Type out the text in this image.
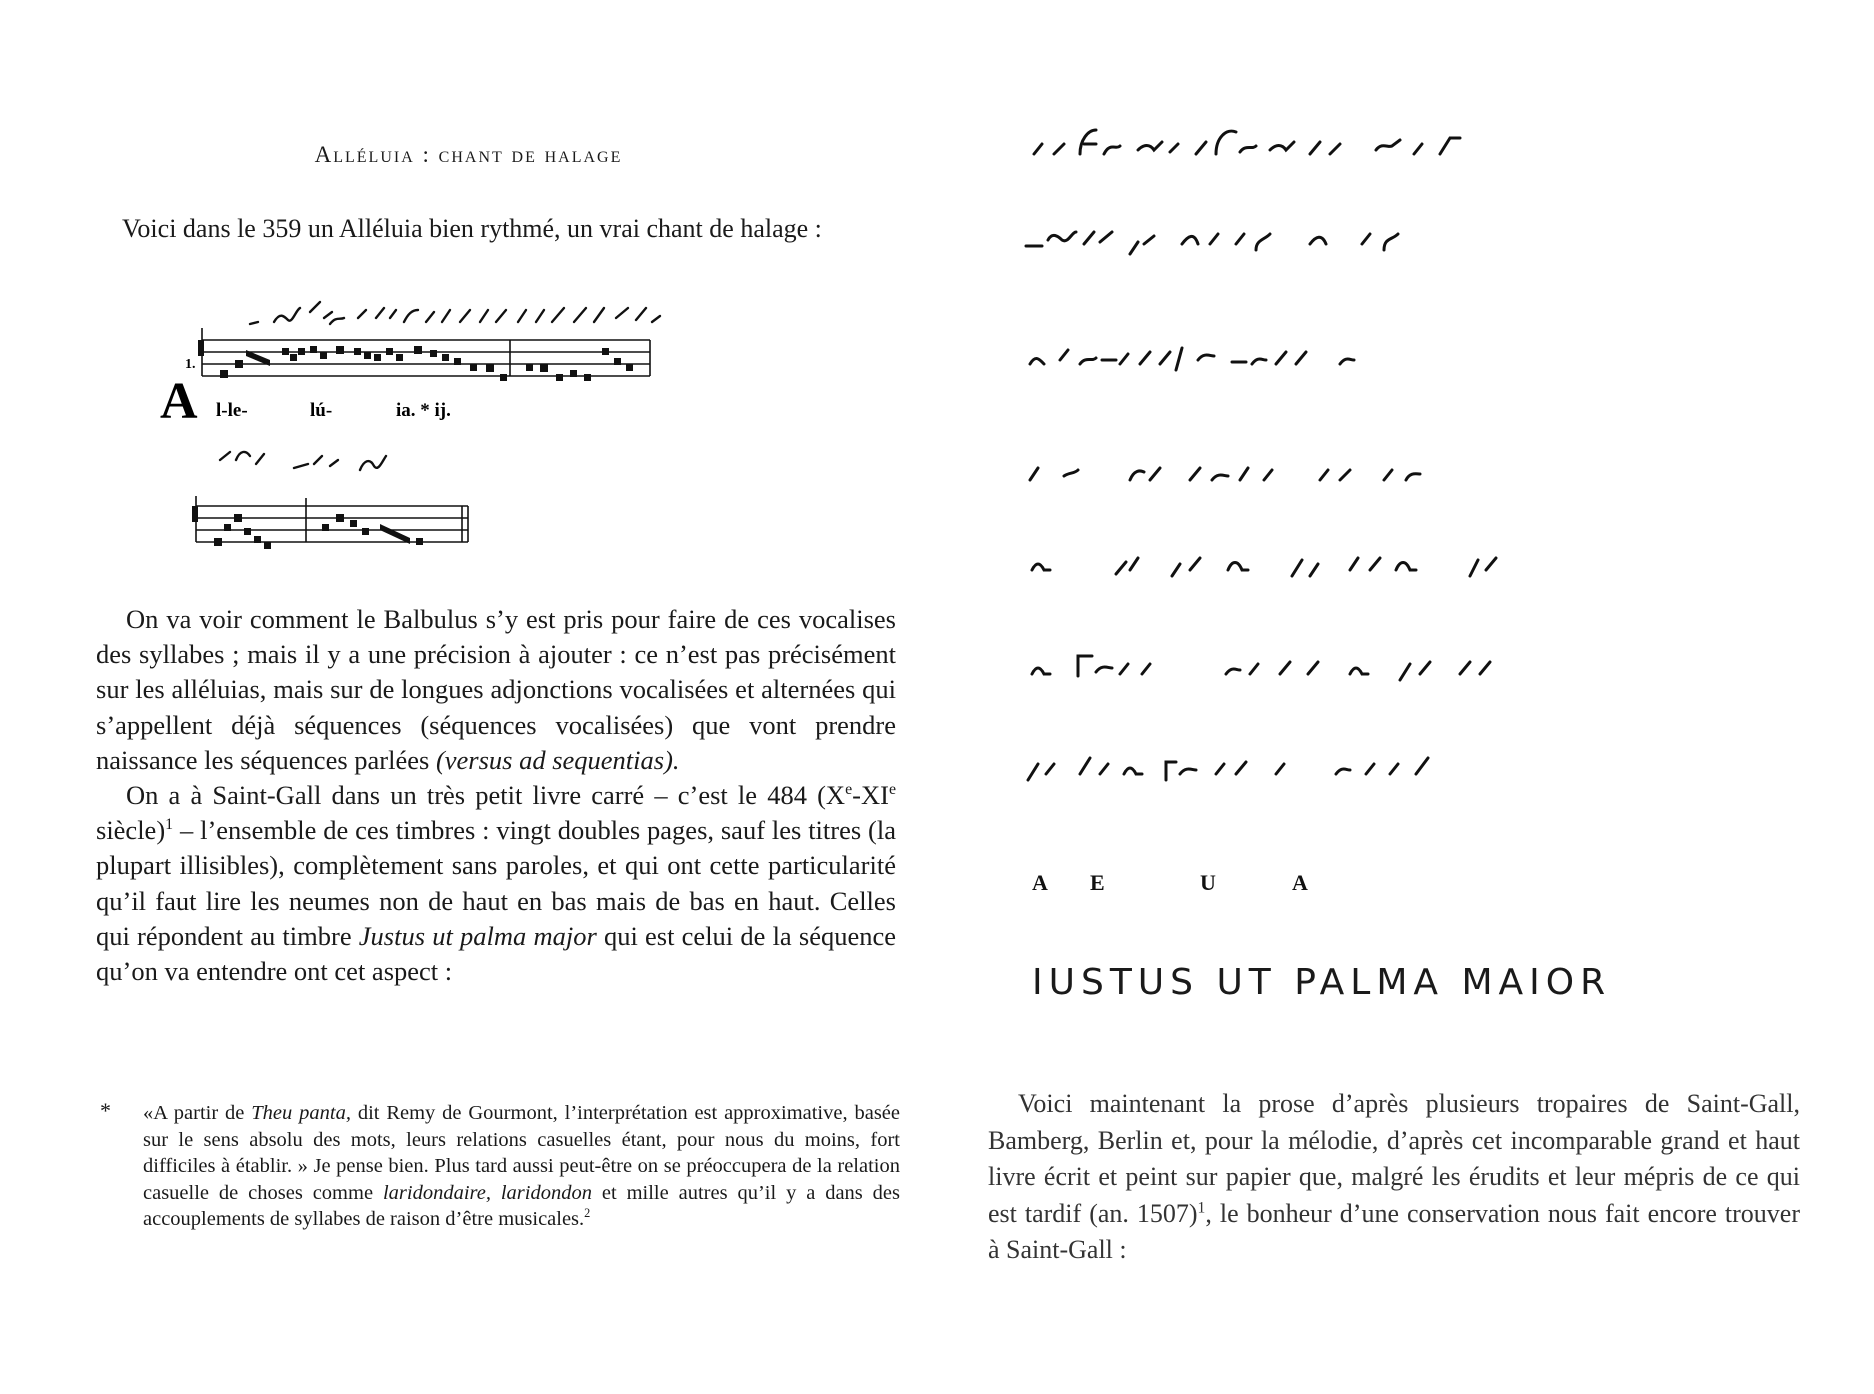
Alléluia : chant de halage
Voici dans le 359 un Alléluia bien rythmé, un vrai chant de halage :
1.
A l-le-	lú-	ia. * ij.

On va voir comment le Balbulus s’y est pris pour faire de ces vocalises des syllabes ; mais il y a une précision à ajouter : ce n’est pas précisément sur les alléluias, mais sur de longues adjonctions vocalisées et alternées qui s’appellent déjà séquences (séquences vocalisées) que vont prendre naissance les séquences parlées (versus ad sequentias).

On a à Saint-Gall dans un très petit livre carré – c’est le 484 (Xe-XIe siècle)$^1$ – l’ensemble de ces timbres : vingt doubles pages, sauf les titres (la plupart illisibles), complètement sans paroles, et qui ont cette particularité qu’il faut lire les neumes non de haut en bas mais de bas en haut. Celles qui répondent au timbre Justus ut palma major qui est celui de la séquence qu’on va entendre ont cet aspect :

* «A partir de Theu panta, dit Remy de Gourmont, l’interprétation est approximative, basée sur le sens absolu des mots, leurs relations casuelles étant, pour nous du moins, fort difficiles à établir. » Je pense bien. Plus tard aussi peut-être on se préoccupera de la relation casuelle de choses comme laridondaire, laridondon et mille autres qu’il y a dans des accouplements de syllabes de raison d’être musicales.$^2$
A E	U	A
IUSTUS UT PALMA MAIOR

Voici maintenant la prose d’après plusieurs tropaires de Saint-Gall, Bamberg, Berlin et, pour la mélodie, d’après cet incomparable grand et haut livre écrit et peint sur papier que, malgré les érudits et leur mépris de ce qui est tardif (an. 1507)$^1$, le bonheur d’une conservation nous fait encore trouver à Saint-Gall :
